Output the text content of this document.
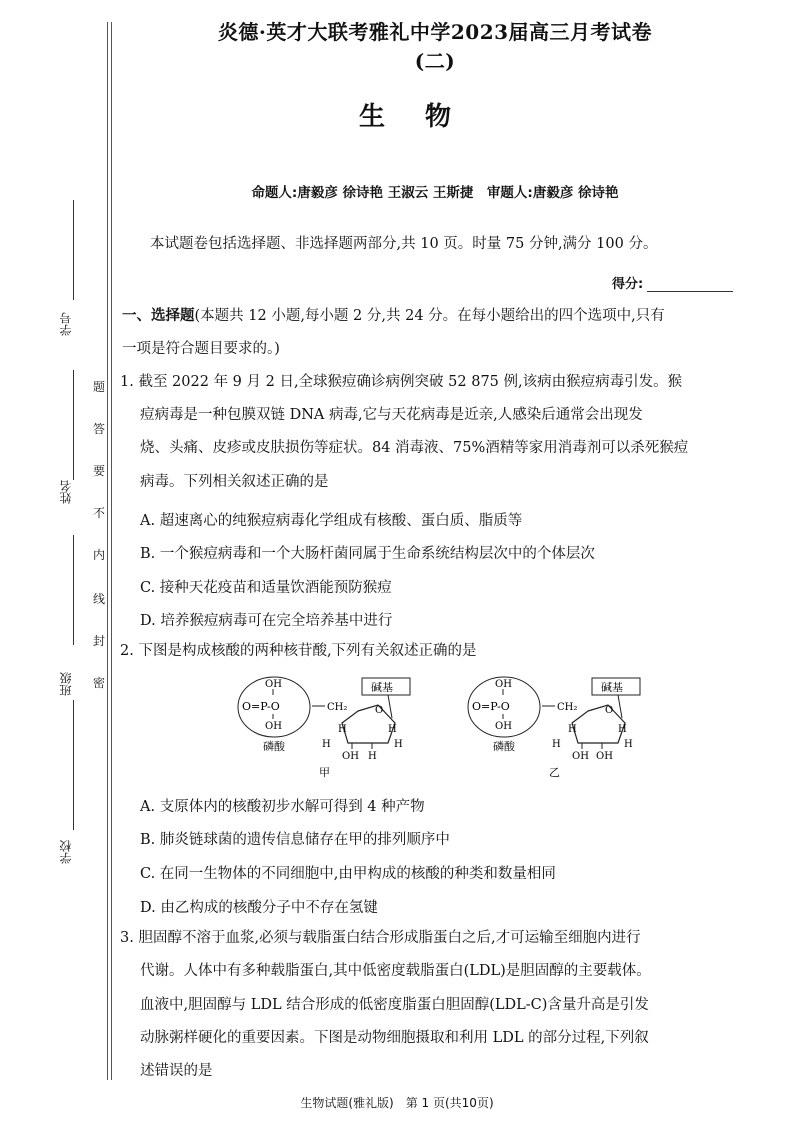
学号
姓名
班级
学校
题
答
要
不
内
线
封
密
炎德·英才大联考雅礼中学2023届高三月考试卷(二)
生物
命题人:唐毅彦 徐诗艳 王淑云 王斯捷　审题人:唐毅彦 徐诗艳
本试题卷包括选择题、非选择题两部分,共 10 页。时量 75 分钟,满分 100 分。
得分:
一、选择题(本题共 12 小题,每小题 2 分,共 24 分。在每小题给出的四个选项中,只有
一项是符合题目要求的。)
1. 截至 2022 年 9 月 2 日,全球猴痘确诊病例突破 52 875 例,该病由猴痘病毒引发。猴
痘病毒是一种包膜双链 DNA 病毒,它与天花病毒是近亲,人感染后通常会出现发
烧、头痛、皮疹或皮肤损伤等症状。84 消毒液、75%酒精等家用消毒剂可以杀死猴痘
病毒。下列相关叙述正确的是
A. 超速离心的纯猴痘病毒化学组成有核酸、蛋白质、脂质等
B. 一个猴痘病毒和一个大肠杆菌同属于生命系统结构层次中的个体层次
C. 接种天花疫苗和适量饮酒能预防猴痘
D. 培养猴痘病毒可在完全培养基中进行
2. 下图是构成核酸的两种核苷酸,下列有关叙述正确的是
OH
O=P-O
OH
磷酸
CH₂	O
碱基
H	H
H	H
OH H
甲
OH
O=P-O
OH
磷酸
CH₂	O
碱基
H	H
H	H
OH OH
乙
A. 支原体内的核酸初步水解可得到 4 种产物
B. 肺炎链球菌的遗传信息储存在甲的排列顺序中
C. 在同一生物体的不同细胞中,由甲构成的核酸的种类和数量相同
D. 由乙构成的核酸分子中不存在氢键
3. 胆固醇不溶于血浆,必须与载脂蛋白结合形成脂蛋白之后,才可运输至细胞内进行
代谢。人体中有多种载脂蛋白,其中低密度载脂蛋白(LDL)是胆固醇的主要载体。
血液中,胆固醇与 LDL 结合形成的低密度脂蛋白胆固醇(LDL-C)含量升高是引发
动脉粥样硬化的重要因素。下图是动物细胞摄取和利用 LDL 的部分过程,下列叙
述错误的是
生物试题(雅礼版)　第 1 页(共10页)
